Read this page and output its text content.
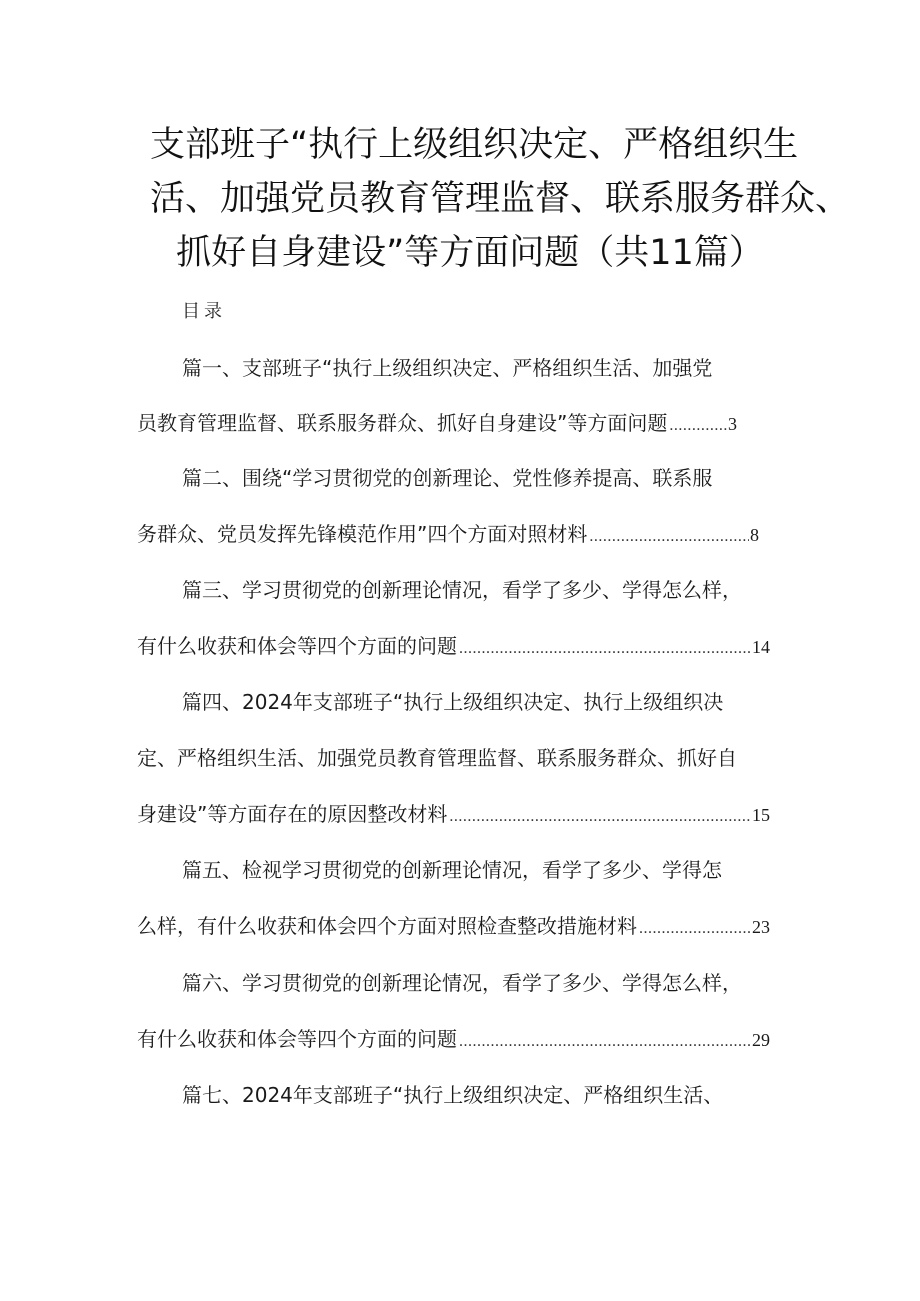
支部班子“执行上级组织决定、严格组织生
活、加强党员教育管理监督、联系服务群众、
抓好自身建设”等方面问题（共11篇）
目录
篇一、支部班子“执行上级组织决定、严格组织生活、加强党
员教育管理监督、联系服务群众、抓好自身建设”等方面问题 .....	3
篇二、围绕“学习贯彻党的创新理论、党性修养提高、联系服
务群众、党员发挥先锋模范作用”四个方面对照材料 .....	8
篇三、学习贯彻党的创新理论情况，看学了多少、学得怎么样，
有什么收获和体会等四个方面的问题 .....	14
篇四、2024年支部班子“执行上级组织决定、执行上级组织决
定、严格组织生活、加强党员教育管理监督、联系服务群众、抓好自
身建设”等方面存在的原因整改材料 .....	15
篇五、检视学习贯彻党的创新理论情况，看学了多少、学得怎
么样，有什么收获和体会四个方面对照检查整改措施材料 .....	23
篇六、学习贯彻党的创新理论情况，看学了多少、学得怎么样，
有什么收获和体会等四个方面的问题 .....	29
篇七、2024年支部班子“执行上级组织决定、严格组织生活、
